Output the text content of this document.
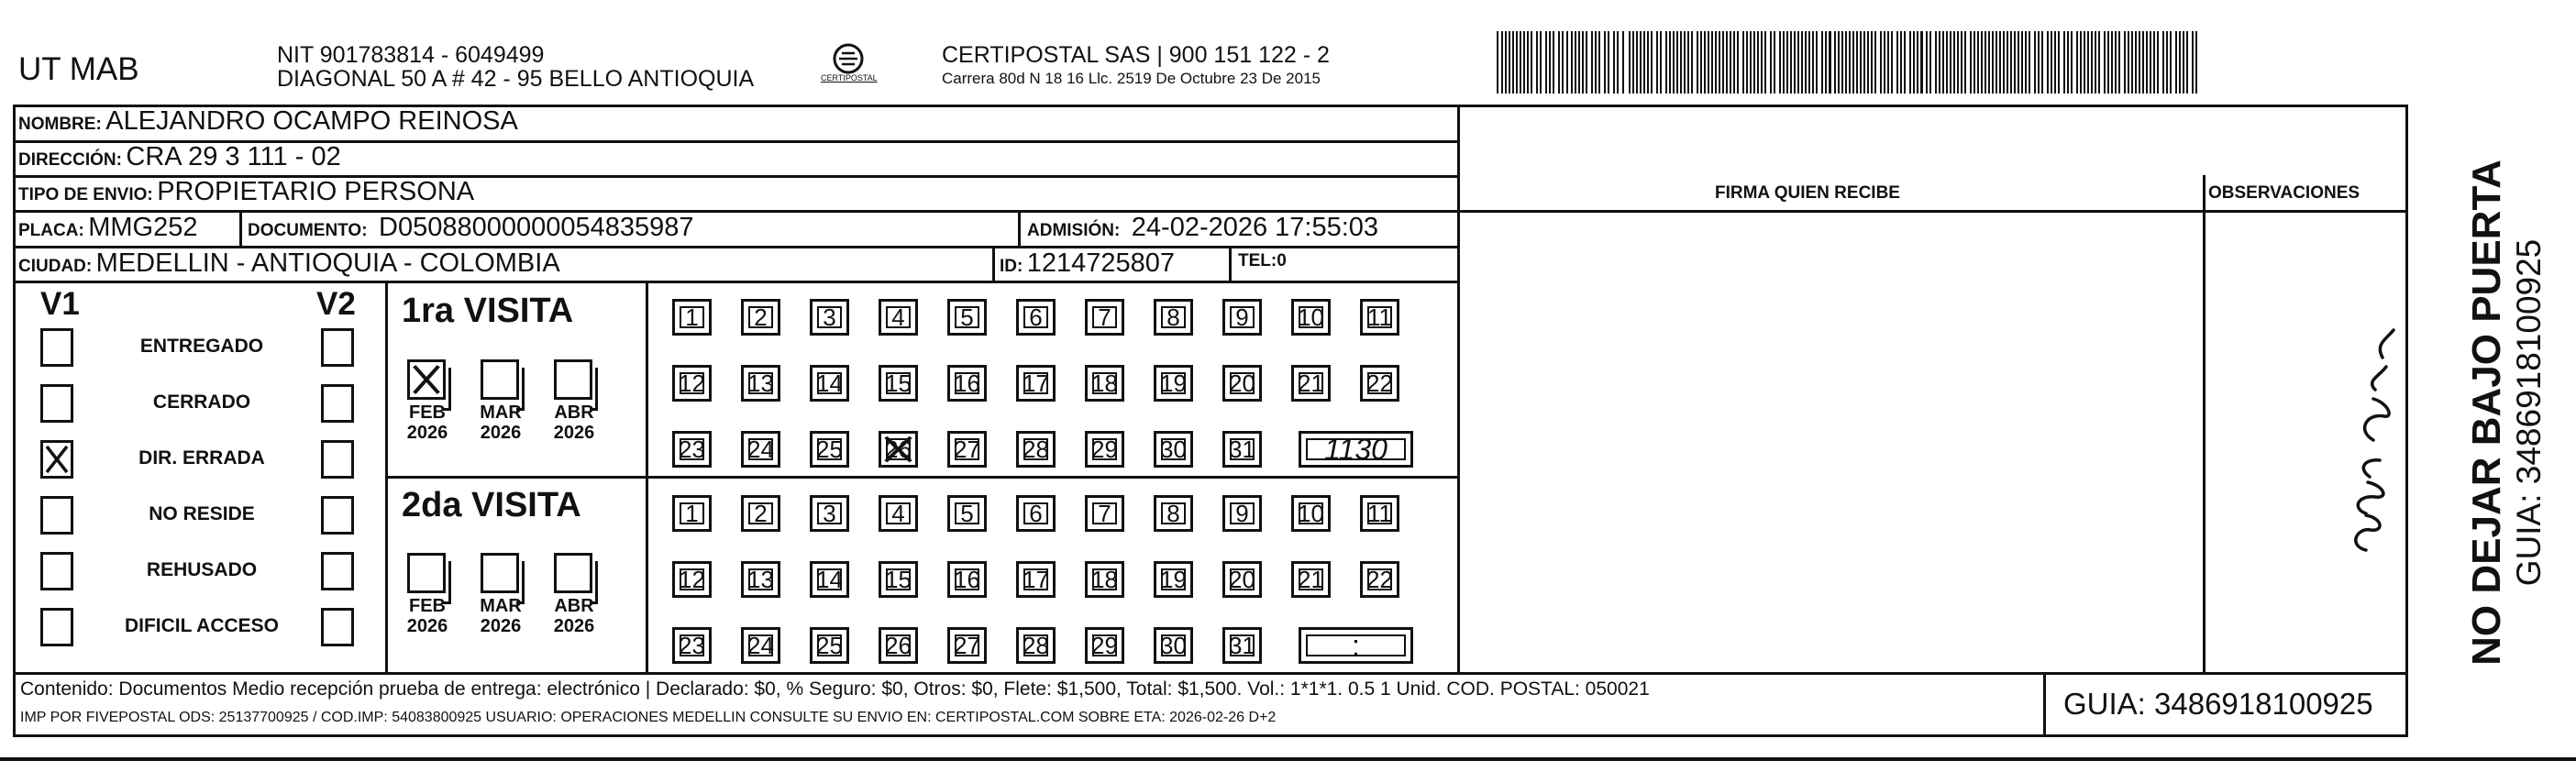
UT MAB	NIT 901783814 - 6049499
DIAGONAL 50 A # 42 - 95 BELLO ANTIOQUIA	CERTIPOSTAL
CERTIPOSTAL SAS | 900 151 122 - 2
Carrera 80d N 18 16 Llc. 2519 De Octubre 23 De 2015
NOMBRE: ALEJANDRO OCAMPO REINOSA
DIRECCIÓN: CRA 29 3 111 - 02
TIPO DE ENVIO: PROPIETARIO PERSONA
PLACA: MMG252	DOCUMENTO: D05088000000054835987	ADMISIÓN: 24-02-2026 17:55:03
CIUDAD: MEDELLIN - ANTIOQUIA - COLOMBIA	ID: 1214725807	TEL:0
FIRMA QUIEN RECIBE	OBSERVACIONES
V1	V2
ENTREGADO
CERRADO
DIR. ERRADA
NO RESIDE
REHUSADO
DIFICIL ACCESO
1ra VISITA
2da VISITA
FEB
2026
MAR
2026
ABR
2026
FEB
2026
MAR
2026
ABR
2026
1	2	3	4	5	6	7	8	9	10	11
12 13 14 15 16 17 18 19 20 21 22
23 24 25 26 27 28 29 30 31	1130
1	2	3	4	5	6	7	8	9	10	11
12 13 14 15 16 17 18 19 20 21 22
23 24 25 26 27 28 29 30 31	:	NO DEJAR BAJO PUERTA GUIA: 3486918100925
Contenido: Documentos Medio recepción prueba de entrega: electrónico | Declarado: $0, % Seguro: $0, Otros: $0, Flete: $1,500, Total: $1,500. Vol.: 1*1*1. 0.5 1 Unid. COD. POSTAL: 050021
IMP POR FIVEPOSTAL ODS: 25137700925 / COD.IMP: 54083800925 USUARIO: OPERACIONES MEDELLIN CONSULTE SU ENVIO EN: CERTIPOSTAL.COM SOBRE ETA: 2026-02-26 D+2	GUIA: 3486918100925
